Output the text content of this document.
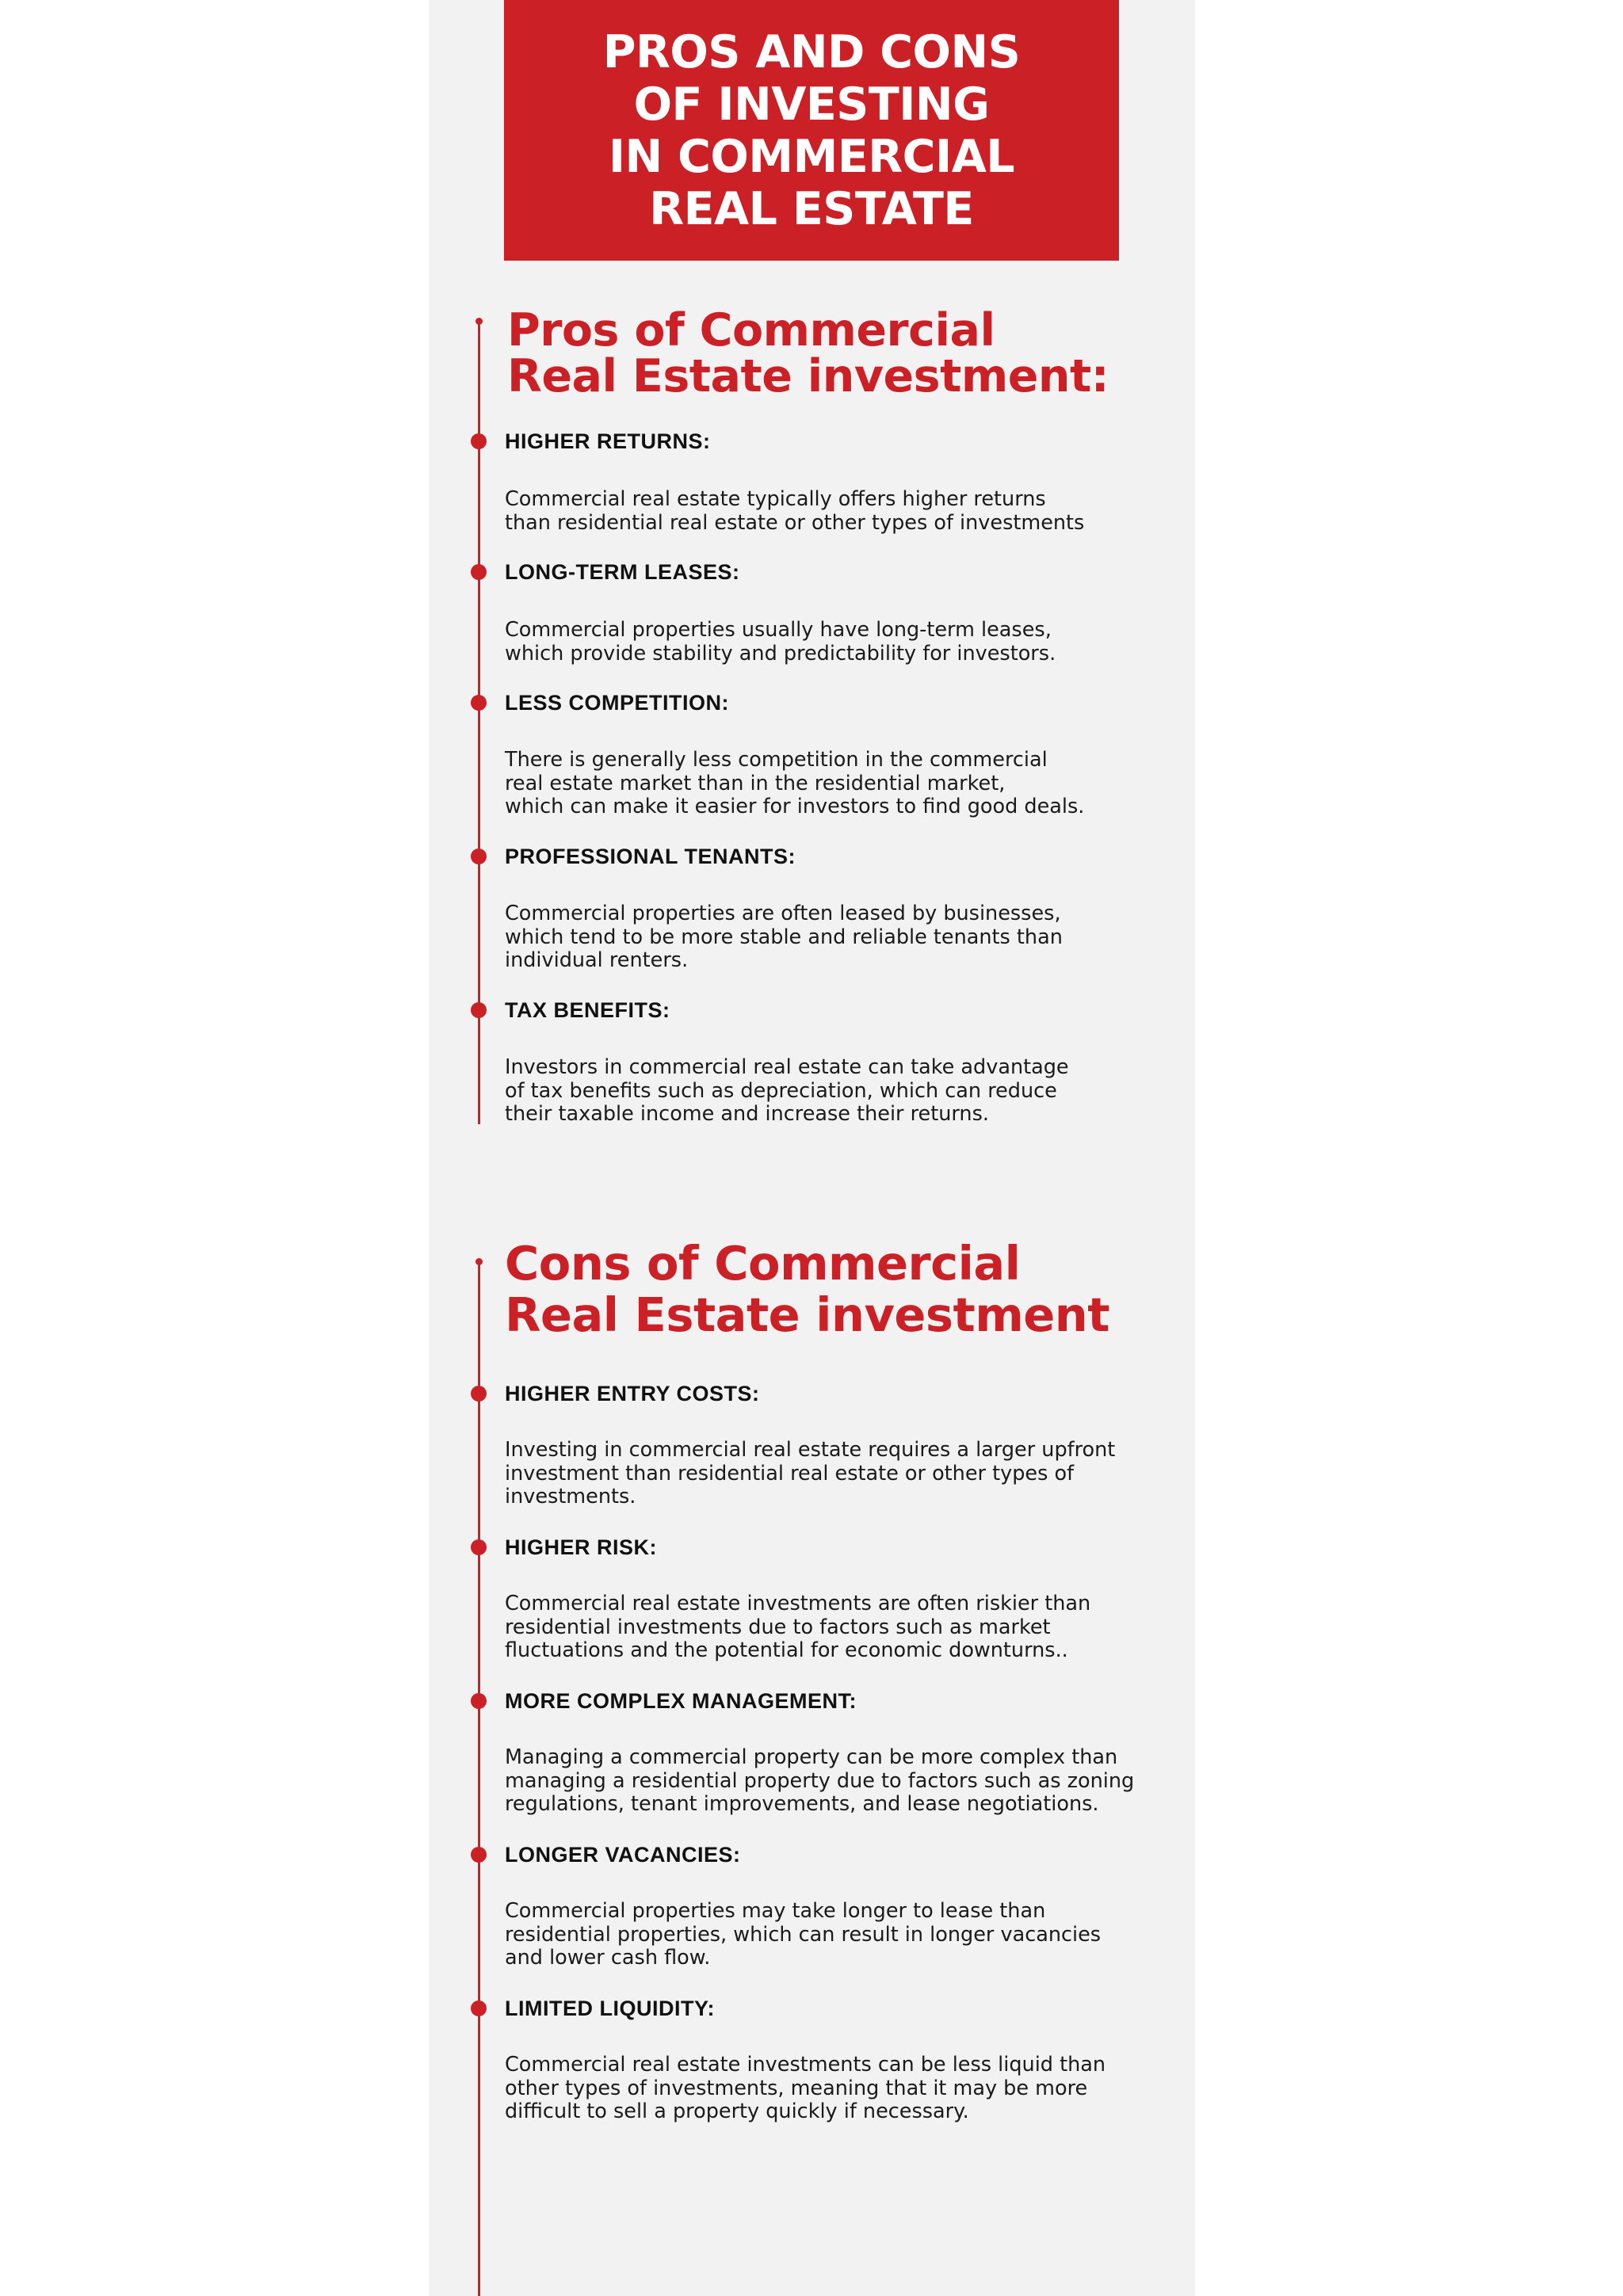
PROS AND CONS
OF INVESTING
IN COMMERCIAL
REAL ESTATE
Pros of Commercial
Real Estate investment:
HIGHER RETURNS:

Commercial real estate typically offers higher returns
than residential real estate or other types of investments

LONG-TERM LEASES:

Commercial properties usually have long-term leases,
which provide stability and predictability for investors.

LESS COMPETITION:

There is generally less competition in the commercial
real estate market than in the residential market,
which can make it easier for investors to find good deals.

PROFESSIONAL TENANTS:

Commercial properties are often leased by businesses,
which tend to be more stable and reliable tenants than
individual renters.

TAX BENEFITS:

Investors in commercial real estate can take advantage
of tax benefits such as depreciation, which can reduce
their taxable income and increase their returns.

Cons of Commercial
Real Estate investment
HIGHER ENTRY COSTS:

Investing in commercial real estate requires a larger upfront
investment than residential real estate or other types of
investments.

HIGHER RISK:

Commercial real estate investments are often riskier than
residential investments due to factors such as market
fluctuations and the potential for economic downturns..

MORE COMPLEX MANAGEMENT:

Managing a commercial property can be more complex than
managing a residential property due to factors such as zoning
regulations, tenant improvements, and lease negotiations.

LONGER VACANCIES:

Commercial properties may take longer to lease than
residential properties, which can result in longer vacancies
and lower cash flow.

LIMITED LIQUIDITY:

Commercial real estate investments can be less liquid than
other types of investments, meaning that it may be more
difficult to sell a property quickly if necessary.
